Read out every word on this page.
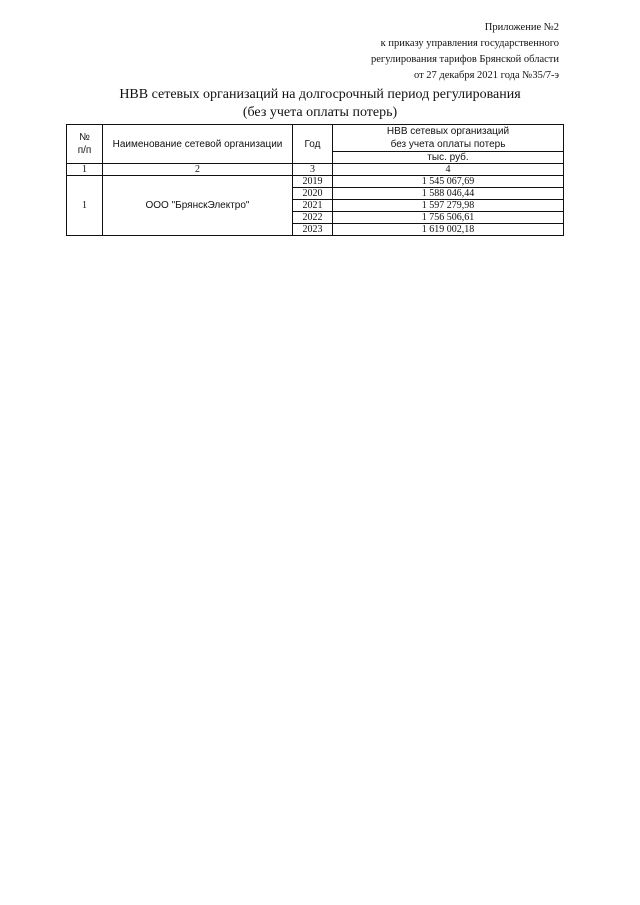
Приложение №2
к приказу управления государственного
регулирования тарифов Брянской области
от 27 декабря 2021 года №35/7-э
НВВ сетевых организаций на долгосрочный период регулирования
(без учета оплаты потерь)
№
п/п	Наименование сетевой организации	Год	НВВ сетевых организаций
без учета оплаты потерь
			тыс. руб.
1	2	3	4
1	ООО "БрянскЭлектро"	2019	1 545 067,69
		2020	1 588 046,44
		2021	1 597 279,98
		2022	1 756 506,61
		2023	1 619 002,18
